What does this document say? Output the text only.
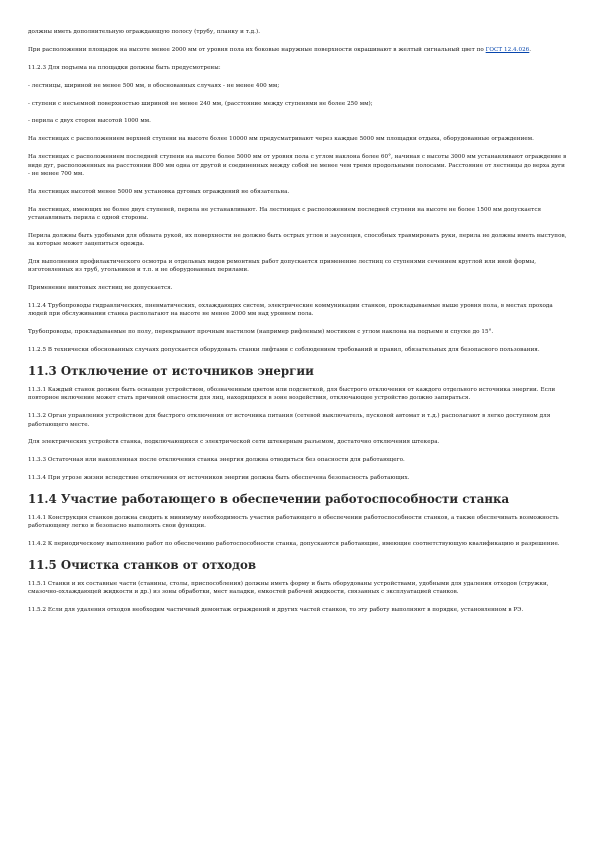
должны иметь дополнительную ограждающую полосу (трубу, планку и т.д.).

При расположении площадок на высоте менее 2000 мм от уровня пола их боковые наружные поверхности окрашивают в желтый сигнальный цвет по ГОСТ 12.4.026.

11.2.3 Для подъема на площадки должны быть предусмотрены:

- лестницы, шириной не менее 500 мм, в обоснованных случаях - не менее 400 мм;

- ступени с несъемной поверхностью шириной не менее 240 мм, (расстояние между ступенями не более 250 мм);

- перила с двух сторон высотой 1000 мм.

На лестницах с расположением верхней ступени на высоте более 10000 мм предусматривают через каждые 5000 мм площадки отдыха, оборудованные ограждением.

На лестницах с расположением последней ступени на высоте более 5000 мм от уровня пола с углом наклона более 60°, начиная с высоты 3000 мм устанавливают ограждение в виде дуг, расположенных на расстоянии 800 мм одна от другой и соединенных между собой не менее чем тремя продольными полосами. Расстояние от лестницы до верха дуги - не менее 700 мм.

На лестницах высотой менее 5000 мм установка дуговых ограждений не обязательна.

На лестницах, имеющих не более двух ступеней, перила не устанавливают. На лестницах с расположением последней ступени на высоте не более 1500 мм допускается устанавливать перила с одной стороны.

Перила должны быть удобными для обхвата рукой, их поверхности не должно быть острых углов и заусенцев, способных травмировать руки, перила не должны иметь выступов, за которые может зацепиться одежда.

Для выполнения профилактического осмотра и отдельных видов ремонтных работ допускается применение лестниц со ступенями сечением круглой или иной формы, изготовленных из труб, угольников и т.п. и не оборудованных перилами.

Применение винтовых лестниц не допускается.

11.2.4 Трубопроводы гидравлических, пневматических, охлаждающих систем, электрические коммуникации станков, прокладываемые выше уровня пола, в местах прохода людей при обслуживании станка располагают на высоте не менее 2000 мм над уровнем пола.

Трубопроводы, прокладываемые по полу, перекрывают прочным настилом (например рифленым) мостиком с углом наклона на подъеме и спуске до 15°.

11.2.5 В технически обоснованных случаях допускается оборудовать станки лифтами с соблюдением требований и правил, обязательных для безопасного пользования.

11.3 Отключение от источников энергии

11.3.1 Каждый станок должен быть оснащен устройством, обозначенным цветом или подсветкой, для быстрого отключения от каждого отдельного источника энергии. Если повторное включение может стать причиной опасности для лиц, находящихся в зоне воздействия, отключающее устройство должно запираться.

11.3.2 Орган управления устройством для быстрого отключения от источника питания (сетевой выключатель, пусковой автомат и т.д.) располагают в легко доступном для работающего месте.

Для электрических устройств станка, подключающихся с электрической сети штекерным разъемом, достаточно отключения штекера.

11.3.3 Остаточная или накопленная после отключения станка энергия должна отводиться без опасности для работающего.

11.3.4 При угрозе жизни вследствие отключения от источников энергии должна быть обеспечена безопасность работающих.

11.4 Участие работающего в обеспечении работоспособности станка

11.4.1 Конструкция станков должна сводить к минимуму необходимость участия работающего в обеспечении работоспособности станков, а также обеспечивать возможность работающему легко и безопасно выполнять свои функции.

11.4.2 К периодическому выполнению работ по обеспечению работоспособности станка, допускаются работающие, имеющие соответствующую квалификацию и разрешение.

11.5 Очистка станков от отходов

11.5.1 Станки и их составные части (станины, столы, приспособления) должны иметь форму и быть оборудованы устройствами, удобными для удаления отходов (стружки, смазочно-охлаждающей жидкости и др.) из зоны обработки, мест наладки, емкостей рабочей жидкости, связанных с эксплуатацией станков.

11.5.2 Если для удаления отходов необходим частичный демонтаж ограждений и других частей станков, то эту работу выполняют в порядке, установленном в РЭ.
